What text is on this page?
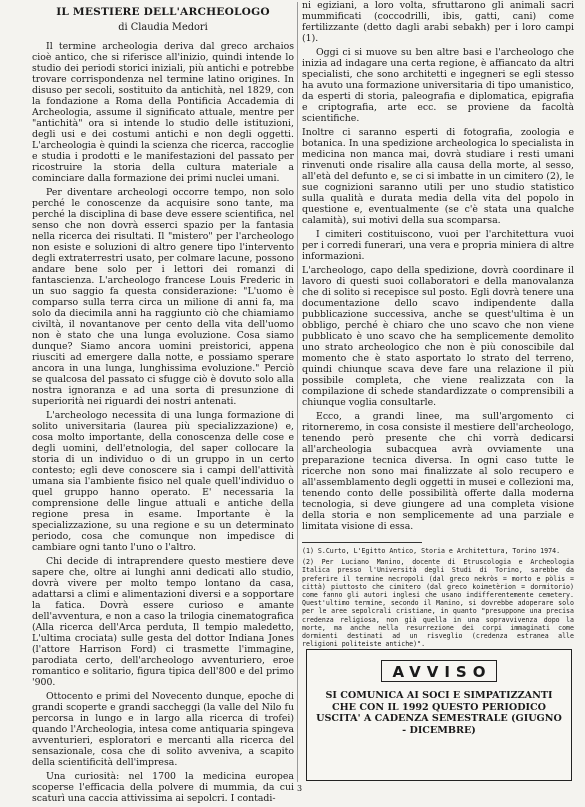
IL MESTIERE DELL'ARCHEOLOGO
di Claudia Medori

Il termine archeologia deriva dal greco archaios cioè antico, che si riferisce all'inizio, quindi intende lo studio dei periodi storici iniziali, più antichi e potrebbe trovare corrispondenza nel termine latino origines. In disuso per secoli, sostituito da antichità, nel 1829, con la fondazione a Roma della Pontificia Accademia di Archeologia, assume il significato attuale, mentre per "antichità" ora si intende lo studio delle istituzioni, degli usi e dei costumi antichi e non degli oggetti. L'archeologia è quindi la scienza che ricerca, raccoglie e studia i prodotti e le manifestazioni del passato per ricostruire la storia della cultura materiale a cominciare dalla formazione dei primi nuclei umani.

Per diventare archeologi occorre tempo, non solo perché le conoscenze da acquisire sono tante, ma perché la disciplina di base deve essere scientifica, nel senso che non dovrà esserci spazio per la fantasia nella ricerca dei risultati. Il "mistero" per l'archeologo non esiste e soluzioni di altro genere tipo l'intervento degli extraterrestri usato, per colmare lacune, possono andare bene solo per i lettori dei romanzi di fantascienza. L'archeologo francese Louis Frederic in un suo saggio fa questa considerazione: "L'uomo è comparso sulla terra circa un milione di anni fa, ma solo da diecimila anni ha raggiunto ciò che chiamiamo civiltà, il novantanove per cento della vita dell'uomo non è stato che una lunga evoluzione. Cosa siamo dunque? Siamo ancora uomini preistorici, appena riusciti ad emergere dalla notte, e possiamo sperare ancora in una lunga, lunghissima evoluzione." Perciò se qualcosa del passato ci sfugge ciò è dovuto solo alla nostra ignoranza e ad una sorta di presunzione di superiorità nei riguardi dei nostri antenati.

L'archeologo necessita di una lunga formazione di solito universitaria (laurea più specializzazione) e, cosa molto importante, della conoscenza delle cose e degli uomini, dell'etnologia, del saper collocare la storia di un individuo o di un gruppo in un certo contesto; egli deve conoscere sia i campi dell'attività umana sia l'ambiente fisico nel quale quell'individuo o quel gruppo hanno operato. E' necessaria la comprensione delle lingue attuali e antiche della regione presa in esame. Importante è la specializzazione, su una regione e su un determinato periodo, cosa che comunque non impedisce di cambiare ogni tanto l'uno o l'altro.

Chi decide di intraprendere questo mestiere deve sapere che, oltre ai lunghi anni dedicati allo studio, dovrà vivere per molto tempo lontano da casa, adattarsi a climi e alimentazioni diversi e a sopportare la fatica. Dovrà essere curioso e amante dell'avventura, e non a caso la trilogia cinematografica (Alla ricerca dell'Arca perduta, Il tempio maledetto, L'ultima crociata) sulle gesta del dottor Indiana Jones (l'attore Harrison Ford) ci trasmette l'immagine, parodiata certo, dell'archeologo avventuriero, eroe romantico e solitario, figura tipica dell'800 e del primo '900.

Ottocento e primi del Novecento dunque, epoche di grandi scoperte e grandi saccheggi (la valle del Nilo fu percorsa in lungo e in largo alla ricerca di trofei) quando l'Archeologia, intesa come antiquaria spingeva avventurieri, esploratori e mercanti alla ricerca del sensazionale, cosa che di solito avveniva, a scapito della scientificità dell'impresa.

Una curiosità: nel 1700 la medicina europea scoperse l'efficacia della polvere di mummia, da cui scaturì una caccia attivissima ai sepolcri. I contadi-

ni egiziani, a loro volta, sfruttarono gli animali sacri mummificati (coccodrilli, ibis, gatti, cani) come fertilizzante (detto dagli arabi sebakh) per i loro campi (1).

Oggi ci si muove su ben altre basi e l'archeologo che inizia ad indagare una certa regione, è affiancato da altri specialisti, che sono architetti e ingegneri se egli stesso ha avuto una formazione universitaria di tipo umanistico, da esperti di storia, paleografia e diplomatica, epigrafia e criptografia, arte ecc. se proviene da facoltà scientifiche.

Inoltre ci saranno esperti di fotografia, zoologia e botanica. In una spedizione archeologica lo specialista in medicina non manca mai, dovrà studiare i resti umani rinvenuti onde risalire alla causa della morte, al sesso, all'età del defunto e, se ci si imbatte in un cimitero (2), le sue cognizioni saranno utili per uno studio statistico sulla qualità e durata media della vita del popolo in questione e, eventualmente (se c'è stata una qualche calamità), sui motivi della sua scomparsa.

I cimiteri costituiscono, vuoi per l'architettura vuoi per i corredi funerari, una vera e propria miniera di altre informazioni.

L'archeologo, capo della spedizione, dovrà coordinare il lavoro di questi suoi collaboratori e della manovalanza che di solito si recepisce sul posto. Egli dovrà tenere una documentazione dello scavo indipendente dalla pubblicazione successiva, anche se quest'ultima è un obbligo, perché è chiaro che uno scavo che non viene pubblicato è uno scavo che ha semplicemente demolito uno strato archeologico che non è più conoscibile dal momento che è stato asportato lo strato del terreno, quindi chiunque scava deve fare una relazione il più possibile completa, che viene realizzata con la compilazione di schede standardizzate o comprensibili a chiunque voglia consultarle.

Ecco, a grandi linee, ma sull'argomento ci ritorneremo, in cosa consiste il mestiere dell'archeologo, tenendo però presente che chi vorrà dedicarsi all'archeologia subacquea avrà ovviamente una preparazione tecnica diversa. In ogni caso tutte le ricerche non sono mai finalizzate al solo recupero e all'assemblamento degli oggetti in musei e collezioni ma, tenendo conto delle possibilità offerte dalla moderna tecnologia, si deve giungere ad una completa visione della storia e non semplicemente ad una parziale e limitata visione di essa.

(1) S.Curto, L'Egitto Antico, Storia e Architettura, Torino 1974.

(2) Per Luciano Manino, docente di Etruscologia e Archeologia Italica presso l'Università degli Studi di Torino, sarebbe da preferire il termine necropoli (dal greco nekròs = morto e pòlis = città) piuttosto che cimitero (dal greco koimetèrion = dormitorio) come fanno gli autori inglesi che usano indifferentemente cemetery. Quest'ultimo termine, secondo il Manino, si dovrebbe adoperare solo per le aree sepolcrali cristiane, in quanto "presuppone una precisa credenza religiosa, non già quella in una sopravvivenza dopo la morte, ma anche nella resurrezione dei corpi immaginati come dormienti destinati ad un risveglio (credenza estranea alle religioni politeiste antiche)".

AVVISO
SI COMUNICA AI SOCI E SIMPATIZZANTI CHE CON IL 1992 QUESTO PERIODICO USCITA' A CADENZA SEMESTRALE (GIUGNO - DICEMBRE)
3
